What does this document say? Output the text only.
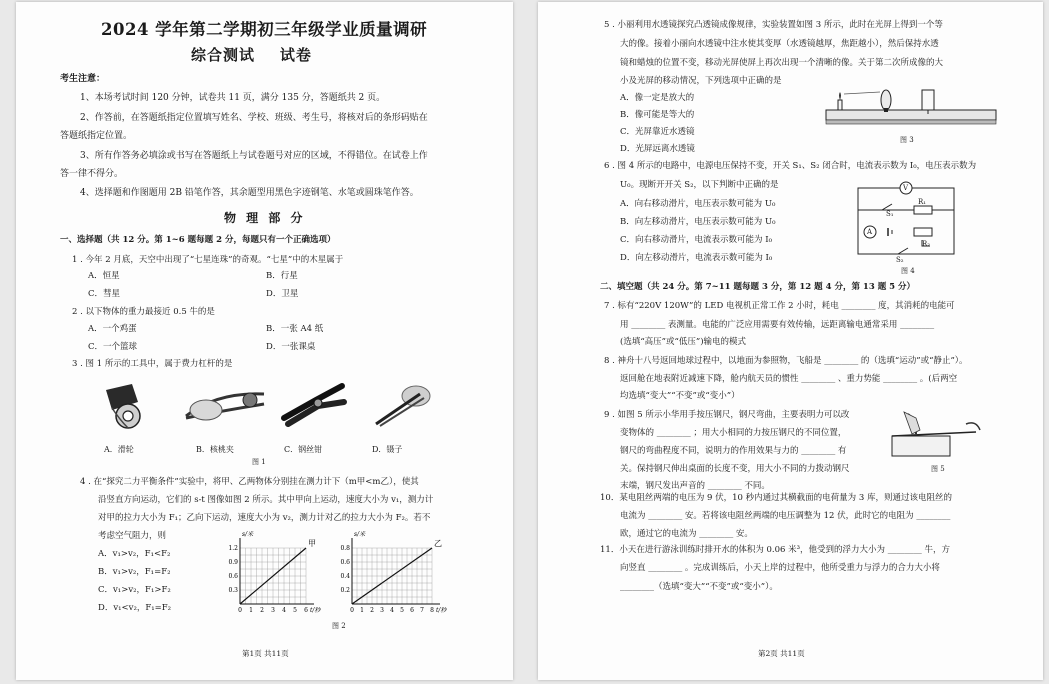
2024 学年第二学期初三年级学业质量调研
综合测试    试卷
考生注意：
1、本场考试时间 120 分钟，试卷共 11 页，满分 135 分，答题纸共 2 页。
2、作答前，在答题纸指定位置填写姓名、学校、班级、考生号，将核对后的条形码贴在
答题纸指定位置。
3、所有作答务必填涂或书写在答题纸上与试卷题号对应的区域，不得错位。在试卷上作
答一律不得分。
4、选择题和作图题用 2B 铅笔作答，其余题型用黑色字迹钢笔、水笔或圆珠笔作答。
物 理 部 分
一、选择题（共 12 分。第 1~6 题每题 2 分，每题只有一个正确选项）
1 . 今年 2 月底，天空中出现了“七星连珠”的奇观。“七星”中的木星属于
A．恒星	B．行星
C．彗星	D．卫星
2 . 以下物体的重力最接近 0.5 牛的是
A．一个鸡蛋	B．一张 A4 纸
C．一个篮球	D．一张课桌
3 . 图 1 所示的工具中，属于费力杠杆的是
A．滑轮	B．核桃夹	C．钢丝钳	D．镊子
图 1
4 . 在“探究二力平衡条件”实验中，将甲、乙两物体分别挂在测力计下（m甲<m乙），使其
沿竖直方向运动，它们的 s-t 图像如图 2 所示。其中甲向上运动，速度大小为 v₁，测力计
对甲的拉力大小为 F₁；乙向下运动，速度大小为 v₂，测力计对乙的拉力大小为 F₂。若不
考虑空气阻力，则
A．v₁>v₂，F₁<F₂
B．v₁>v₂，F₁=F₂
C．v₁>v₂，F₁>F₂
D．v₁<v₂，F₁=F₂
1.2
0.9
0.6
0.3
0 1 2 3 4 5 6
s/米
t/秒
甲
0.8
0.6
0.4
0.2
0 1 2 3 4 5 6 7 8
s/米
t/秒
乙
图 2
第1页 共11页
5 . 小丽利用水透镜探究凸透镜成像规律，实验装置如图 3 所示，此时在光屏上得到一个等
大的像。接着小丽向水透镜中注水使其变厚（水透镜越厚，焦距越小），然后保持水透
镜和蜡烛的位置不变，移动光屏使屏上再次出现一个清晰的像。关于第二次所成像的大
小及光屏的移动情况，下列选项中正确的是
A．像一定是放大的
B．像可能是等大的
C．光屏靠近水透镜
D．光屏远离水透镜
图 3
6 . 图 4 所示的电路中，电源电压保持不变，开关 S₁、S₂ 闭合时，电流表示数为 I₀，电压表示数为
U₀。现断开开关 S₂，以下判断中正确的是
A．向右移动滑片，电压表示数可能为 U₀
B．向左移动滑片，电压表示数可能为 U₀
C．向右移动滑片，电流表示数可能为 I₀
D．向左移动滑片，电流表示数可能为 I₀
V
A
S₁
R₁
R₂
S₂
图 4
二、填空题（共 24 分。第 7~11 题每题 3 分，第 12 题 4 分，第 13 题 5 分）
7 . 标有“220V 120W”的 LED 电视机正常工作 2 小时，耗电 ________ 度，其消耗的电能可
用 ________ 表测量。电能的广泛应用需要有效传输，远距离输电通常采用 ________
(选填“高压”或“低压”)输电的模式
8 . 神舟十八号返回地球过程中，以地面为参照物，飞船是 ________ 的（选填“运动”或“静止”）。
返回舱在地表附近减速下降，舱内航天员的惯性 ________ 、重力势能 ________ 。(后两空
均选填“变大”“不变”或“变小”）
9 . 如图 5 所示小华用手按压钢尺，钢尺弯曲，主要表明力可以改
变物体的 ________ ；用大小相同的力按压钢尺的不同位置，
钢尺的弯曲程度不同，说明力的作用效果与力的 ________ 有
关。保持钢尺伸出桌面的长度不变，用大小不同的力拨动钢尺
末端，钢尺发出声音的 ________ 不同。
图 5
10．某电阻丝两端的电压为 9 伏，10 秒内通过其横截面的电荷量为 3 库，则通过该电阻丝的
电流为 ________ 安。若将该电阻丝两端的电压调整为 12 伏，此时它的电阻为 ________
欧，通过它的电流为 ________ 安。
11．小天在进行游泳训练时排开水的体积为 0.06 米³，他受到的浮力大小为 ________ 牛，方
向竖直 ________ 。完成训练后，小天上岸的过程中，他所受重力与浮力的合力大小将
________（选填“变大”“不变”或“变小”）。
第2页 共11页
